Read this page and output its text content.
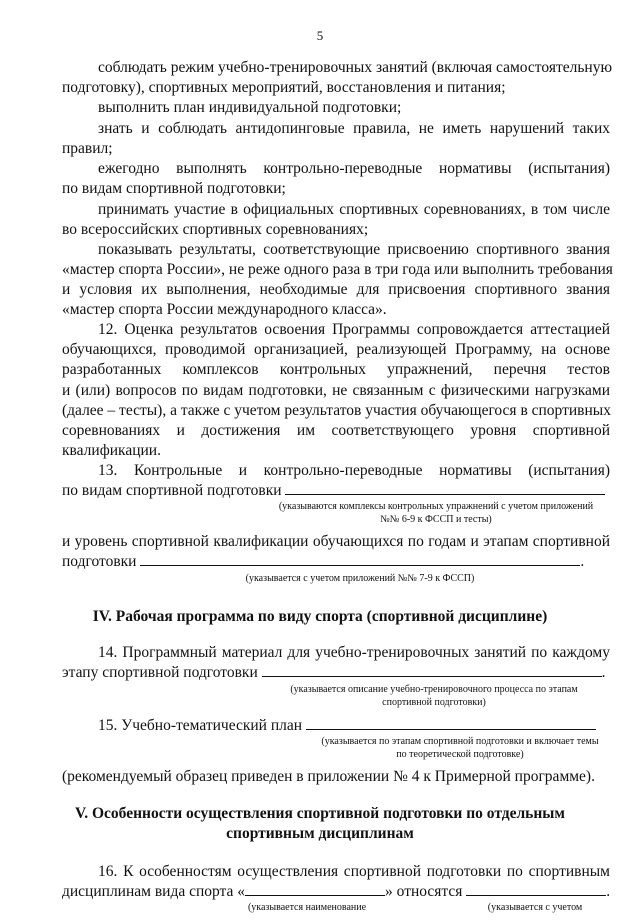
5
соблюдать режим учебно-тренировочных занятий (включая самостоятельную
подготовку), спортивных мероприятий, восстановления и питания;
выполнить план индивидуальной подготовки;
знать и соблюдать антидопинговые правила, не иметь нарушений таких
правил;
ежегодно выполнять контрольно-переводные нормативы (испытания)
по видам спортивной подготовки;
принимать участие в официальных спортивных соревнованиях, в том числе
во всероссийских спортивных соревнованиях;
показывать результаты, соответствующие присвоению спортивного звания
«мастер спорта России», не реже одного раза в три года или выполнить требования
и условия их выполнения, необходимые для присвоения спортивного звания
«мастер спорта России международного класса».
12. Оценка результатов освоения Программы сопровождается аттестацией
обучающихся, проводимой организацией, реализующей Программу, на основе
разработанных комплексов контрольных упражнений, перечня тестов
и (или) вопросов по видам подготовки, не связанным с физическими нагрузками
(далее – тесты), а также с учетом результатов участия обучающегося в спортивных
соревнованиях и достижения им соответствующего уровня спортивной
квалификации.
13. Контрольные и контрольно-переводные нормативы (испытания)
по видам спортивной подготовки
(указываются комплексы контрольных упражнений с учетом приложений
№№ 6-9 к ФССП и тесты)
и уровень спортивной квалификации обучающихся по годам и этапам спортивной
подготовки	.
(указывается с учетом приложений №№ 7-9 к ФССП)
IV. Рабочая программа по виду спорта (спортивной дисциплине)
14. Программный материал для учебно-тренировочных занятий по каждому
этапу спортивной подготовки	.
(указывается описание учебно-тренировочного процесса по этапам
спортивной подготовки)
15. Учебно-тематический план
(указывается по этапам спортивной подготовки и включает темы
по теоретической подготовке)
(рекомендуемый образец приведен в приложении № 4 к Примерной программе).
V. Особенности осуществления спортивной подготовки по отдельным
спортивным дисциплинам
16. К особенностям осуществления спортивной подготовки по спортивным
дисциплинам вида спорта «	» относятся	.
(указывается наименование	(указывается с учетом
